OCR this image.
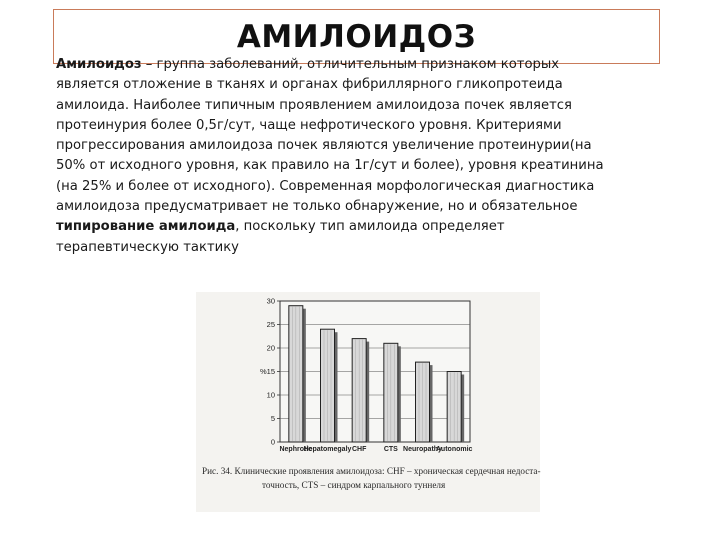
АМИЛОИДОЗ
Амилоидоз – группа заболеваний, отличительным признаком которых
является отложение в тканях и органах фибриллярного гликопротеида
амилоида. Наиболее типичным проявлением амилоидоза почек является
протеинурия более 0,5г/сут, чаще нефротического уровня. Критериями
прогрессирования амилоидоза почек являются увеличение протеинурии(на
50% от исходного уровня, как правило на 1г/сут и более), уровня креатинина
(на 25% и более от исходного). Современная морфологическая диагностика
амилоидоза предусматривает не только обнаружение, но и обязательное
типирование амилоида, поскольку тип амилоида определяет
терапевтическую тактику
0
5
10
%15
20
25
30
Nephrotic
Hepatomegaly CHF CTS Neuropathy
Autonomic
Рис. 34. Клинические проявления амилоидоза: CHF – хроническая сердечная недоста-
точность, CTS – синдром карпального туннеля
